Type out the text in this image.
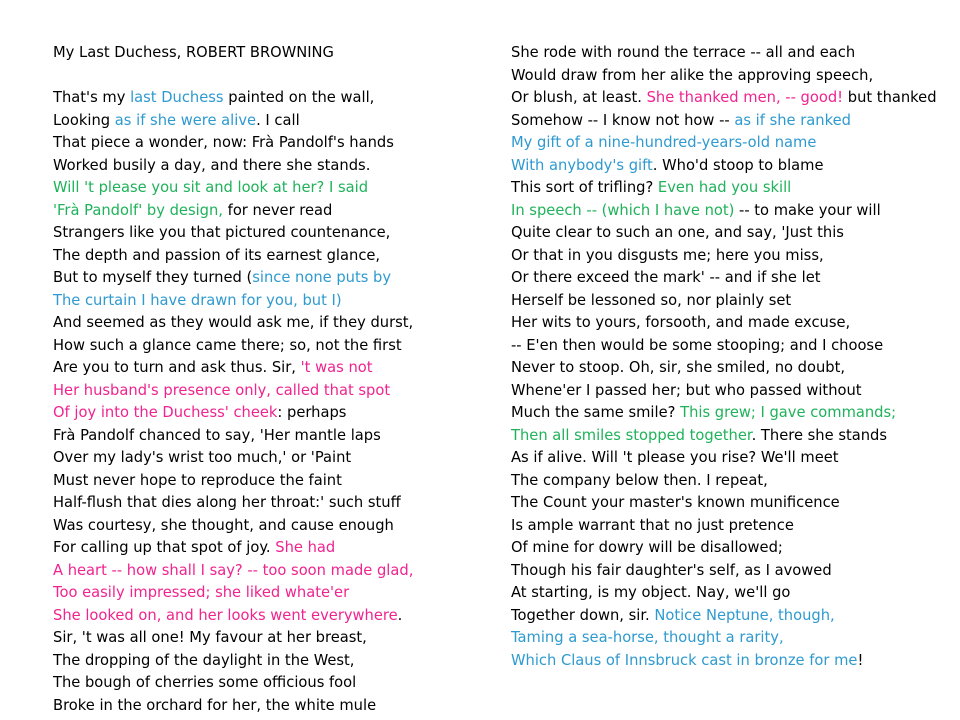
My Last Duchess, ROBERT BROWNING
That's my last Duchess painted on the wall,
Looking as if she were alive. I call
That piece a wonder, now: Frà Pandolf's hands
Worked busily a day, and there she stands.
Will 't please you sit and look at her? I said
'Frà Pandolf' by design, for never read
Strangers like you that pictured countenance,
The depth and passion of its earnest glance,
But to myself they turned (since none puts by
The curtain I have drawn for you, but I)
And seemed as they would ask me, if they durst,
How such a glance came there; so, not the first
Are you to turn and ask thus. Sir, 't was not
Her husband's presence only, called that spot
Of joy into the Duchess' cheek: perhaps
Frà Pandolf chanced to say, 'Her mantle laps
Over my lady's wrist too much,' or 'Paint
Must never hope to reproduce the faint
Half-flush that dies along her throat:' such stuff
Was courtesy, she thought, and cause enough
For calling up that spot of joy. She had
A heart -- how shall I say? -- too soon made glad,
Too easily impressed; she liked whate'er
She looked on, and her looks went everywhere.
Sir, 't was all one! My favour at her breast,
The dropping of the daylight in the West,
The bough of cherries some officious fool
Broke in the orchard for her, the white mule
She rode with round the terrace -- all and each
Would draw from her alike the approving speech,
Or blush, at least. She thanked men, -- good! but thanked
Somehow -- I know not how -- as if she ranked
My gift of a nine-hundred-years-old name
With anybody's gift. Who'd stoop to blame
This sort of trifling? Even had you skill
In speech -- (which I have not) -- to make your will
Quite clear to such an one, and say, 'Just this
Or that in you disgusts me; here you miss,
Or there exceed the mark' -- and if she let
Herself be lessoned so, nor plainly set
Her wits to yours, forsooth, and made excuse,
-- E'en then would be some stooping; and I choose
Never to stoop. Oh, sir, she smiled, no doubt,
Whene'er I passed her; but who passed without
Much the same smile? This grew; I gave commands;
Then all smiles stopped together. There she stands
As if alive. Will 't please you rise? We'll meet
The company below then. I repeat,
The Count your master's known munificence
Is ample warrant that no just pretence
Of mine for dowry will be disallowed;
Though his fair daughter's self, as I avowed
At starting, is my object. Nay, we'll go
Together down, sir. Notice Neptune, though,
Taming a sea-horse, thought a rarity,
Which Claus of Innsbruck cast in bronze for me!
